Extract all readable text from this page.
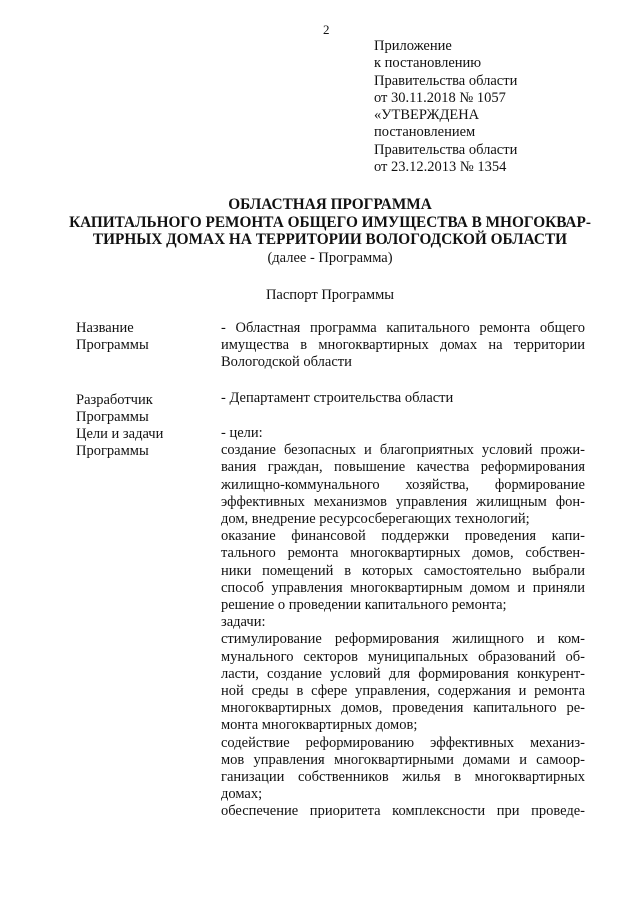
2
Приложение
к постановлению
Правительства области
от 30.11.2018 № 1057
«УТВЕРЖДЕНА
постановлением
Правительства области
от 23.12.2013 № 1354
ОБЛАСТНАЯ ПРОГРАММА
КАПИТАЛЬНОГО РЕМОНТА ОБЩЕГО ИМУЩЕСТВА В МНОГОКВАР-
ТИРНЫХ ДОМАХ НА ТЕРРИТОРИИ ВОЛОГОДСКОЙ ОБЛАСТИ
(далее - Программа)
Паспорт Программы
Название
Программы
- Областная программа капитального ремонта общего
имущества в многоквартирных домах на территории
Вологодской области
Разработчик
Программы
- Департамент строительства области
Цели и задачи
Программы
- цели:
создание безопасных и благоприятных условий прожи-
вания граждан, повышение качества реформирования
жилищно-коммунального хозяйства, формирование
эффективных механизмов управления жилищным фон-
дом, внедрение ресурсосберегающих технологий;
оказание финансовой поддержки проведения капи-
тального ремонта многоквартирных домов, собствен-
ники помещений в которых самостоятельно выбрали
способ управления многоквартирным домом и приняли
решение о проведении капитального ремонта;
задачи:
стимулирование реформирования жилищного и ком-
мунального секторов муниципальных образований об-
ласти, создание условий для формирования конкурент-
ной среды в сфере управления, содержания и ремонта
многоквартирных домов, проведения капитального ре-
монта многоквартирных домов;
содействие реформированию эффективных механиз-
мов управления многоквартирными домами и самоор-
ганизации собственников жилья в многоквартирных
домах;
обеспечение приоритета комплексности при проведе-
